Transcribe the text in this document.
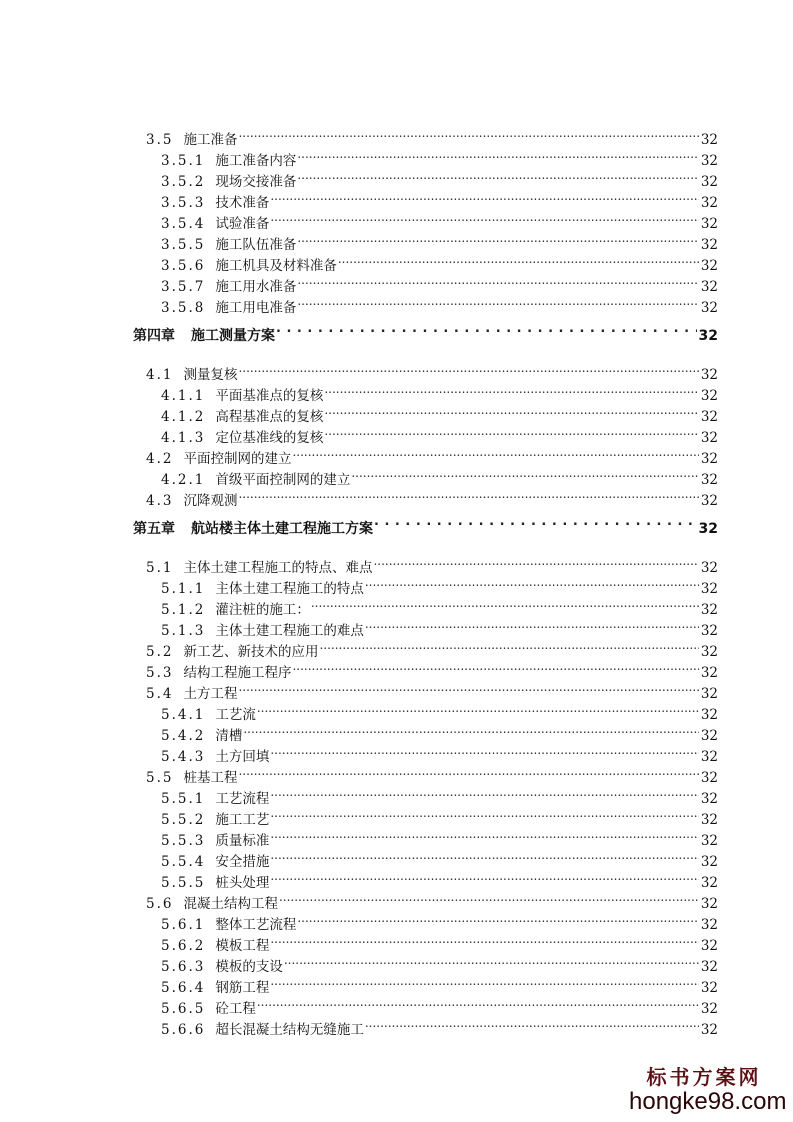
3.5 施工准备 .....	32
3.5.1 施工准备内容 .....	32
3.5.2 现场交接准备 .....	32
3.5.3 技术准备 .....	32
3.5.4 试验准备 .....	32
3.5.5 施工队伍准备 .....	32
3.5.6 施工机具及材料准备 .....	32
3.5.7 施工用水准备 .....	32
3.5.8 施工用电准备 .....	32
第四章 施工测量方案 . . .	32
4.1 测量复核 .....	32
4.1.1 平面基准点的复核 .....	32
4.1.2 高程基准点的复核 .....	32
4.1.3 定位基准线的复核 .....	32
4.2 平面控制网的建立 .....	32
4.2.1 首级平面控制网的建立 .....	32
4.3 沉降观测 .....	32
第五章 航站楼主体土建工程施工方案 . . .	32
5.1 主体土建工程施工的特点、难点 .....	32
5.1.1 主体土建工程施工的特点 .....	32
5.1.2 灌注桩的施工： .....	32
5.1.3 主体土建工程施工的难点 .....	32
5.2 新工艺、新技术的应用 .....	32
5.3 结构工程施工程序 .....	32
5.4 土方工程 .....	32
5.4.1 工艺流 .....	32
5.4.2 清槽 .....	32
5.4.3 土方回填 .....	32
5.5 桩基工程 .....	32
5.5.1 工艺流程 .....	32
5.5.2 施工工艺 .....	32
5.5.3 质量标准 .....	32
5.5.4 安全措施 .....	32
5.5.5 桩头处理 .....	32
5.6 混凝土结构工程 .....	32
5.6.1 整体工艺流程 .....	32
5.6.2 模板工程 .....	32
5.6.3 模板的支设 .....	32
5.6.4 钢筋工程 .....	32
5.6.5 砼工程 .....	32
5.6.6 超长混凝土结构无缝施工 .....	32
标书方案网
hongke98.com
